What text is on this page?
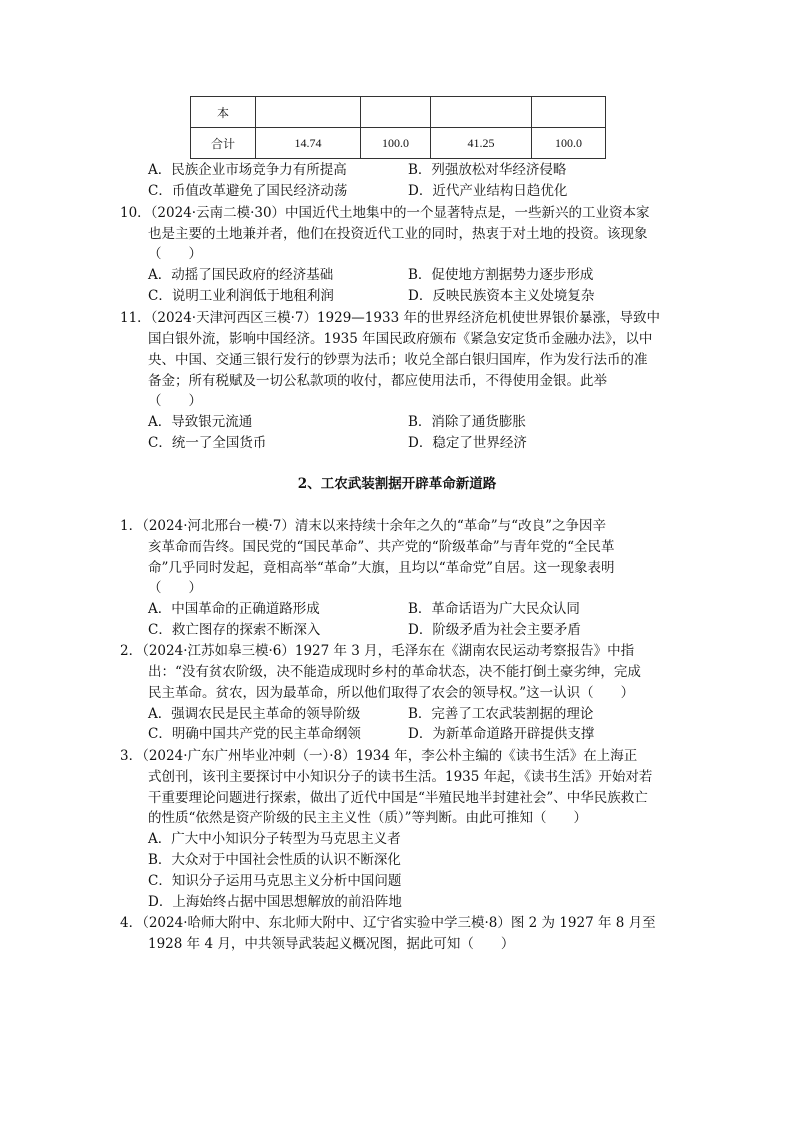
本				
合计	14.74	100.0	41.25	100.0
A．民族企业市场竞争力有所提高	B．列强放松对华经济侵略
C．币值改革避免了国民经济动荡	D．近代产业结构日趋优化
10．（2024·云南二模·30）中国近代土地集中的一个显著特点是，一些新兴的工业资本家
也是主要的土地兼并者，他们在投资近代工业的同时，热衷于对土地的投资。该现象
（　　）
A．动摇了国民政府的经济基础	B．促使地方割据势力逐步形成
C．说明工业利润低于地租利润	D．反映民族资本主义处境复杂
11．（2024·天津河西区三模·7）1929—1933 年的世界经济危机使世界银价暴涨，导致中
国白银外流，影响中国经济。1935 年国民政府颁布《紧急安定货币金融办法》，以中
央、中国、交通三银行发行的钞票为法币；收兑全部白银归国库，作为发行法币的准
备金；所有税赋及一切公私款项的收付，都应使用法币，不得使用金银。此举
（　　）
A．导致银元流通	B．消除了通货膨胀
C．统一了全国货币	D．稳定了世界经济
2、工农武装割据开辟革命新道路
1．（2024·河北邢台一模·7）清末以来持续十余年之久的“革命”与“改良”之争因辛
亥革命而告终。国民党的“国民革命”、共产党的“阶级革命”与青年党的“全民革
命”几乎同时发起，竟相高举“革命”大旗，且均以“革命党”自居。这一现象表明
（　　）
A．中国革命的正确道路形成	B．革命话语为广大民众认同
C．救亡图存的探索不断深入	D．阶级矛盾为社会主要矛盾
2．（2024·江苏如皋三模·6）1927 年 3 月，毛泽东在《湖南农民运动考察报告》中指
出：“没有贫农阶级，决不能造成现时乡村的革命状态，决不能打倒土豪劣绅，完成
民主革命。贫农，因为最革命，所以他们取得了农会的领导权。”这一认识（　　）
A．强调农民是民主革命的领导阶级	B．完善了工农武装割据的理论
C．明确中国共产党的民主革命纲领	D．为新革命道路开辟提供支撑
3．（2024·广东广州毕业冲刺（一）·8）1934 年，李公朴主编的《读书生活》在上海正
式创刊，该刊主要探讨中小知识分子的读书生活。1935 年起，《读书生活》开始对若
干重要理论问题进行探索，做出了近代中国是“半殖民地半封建社会”、中华民族救亡
的性质“依然是资产阶级的民主主义性（质）”等判断。由此可推知（　　）
A．广大中小知识分子转型为马克思主义者
B．大众对于中国社会性质的认识不断深化
C．知识分子运用马克思主义分析中国问题
D．上海始终占据中国思想解放的前沿阵地
4．（2024·哈师大附中、东北师大附中、辽宁省实验中学三模·8）图 2 为 1927 年 8 月至
1928 年 4 月，中共领导武装起义概况图，据此可知（　　）
